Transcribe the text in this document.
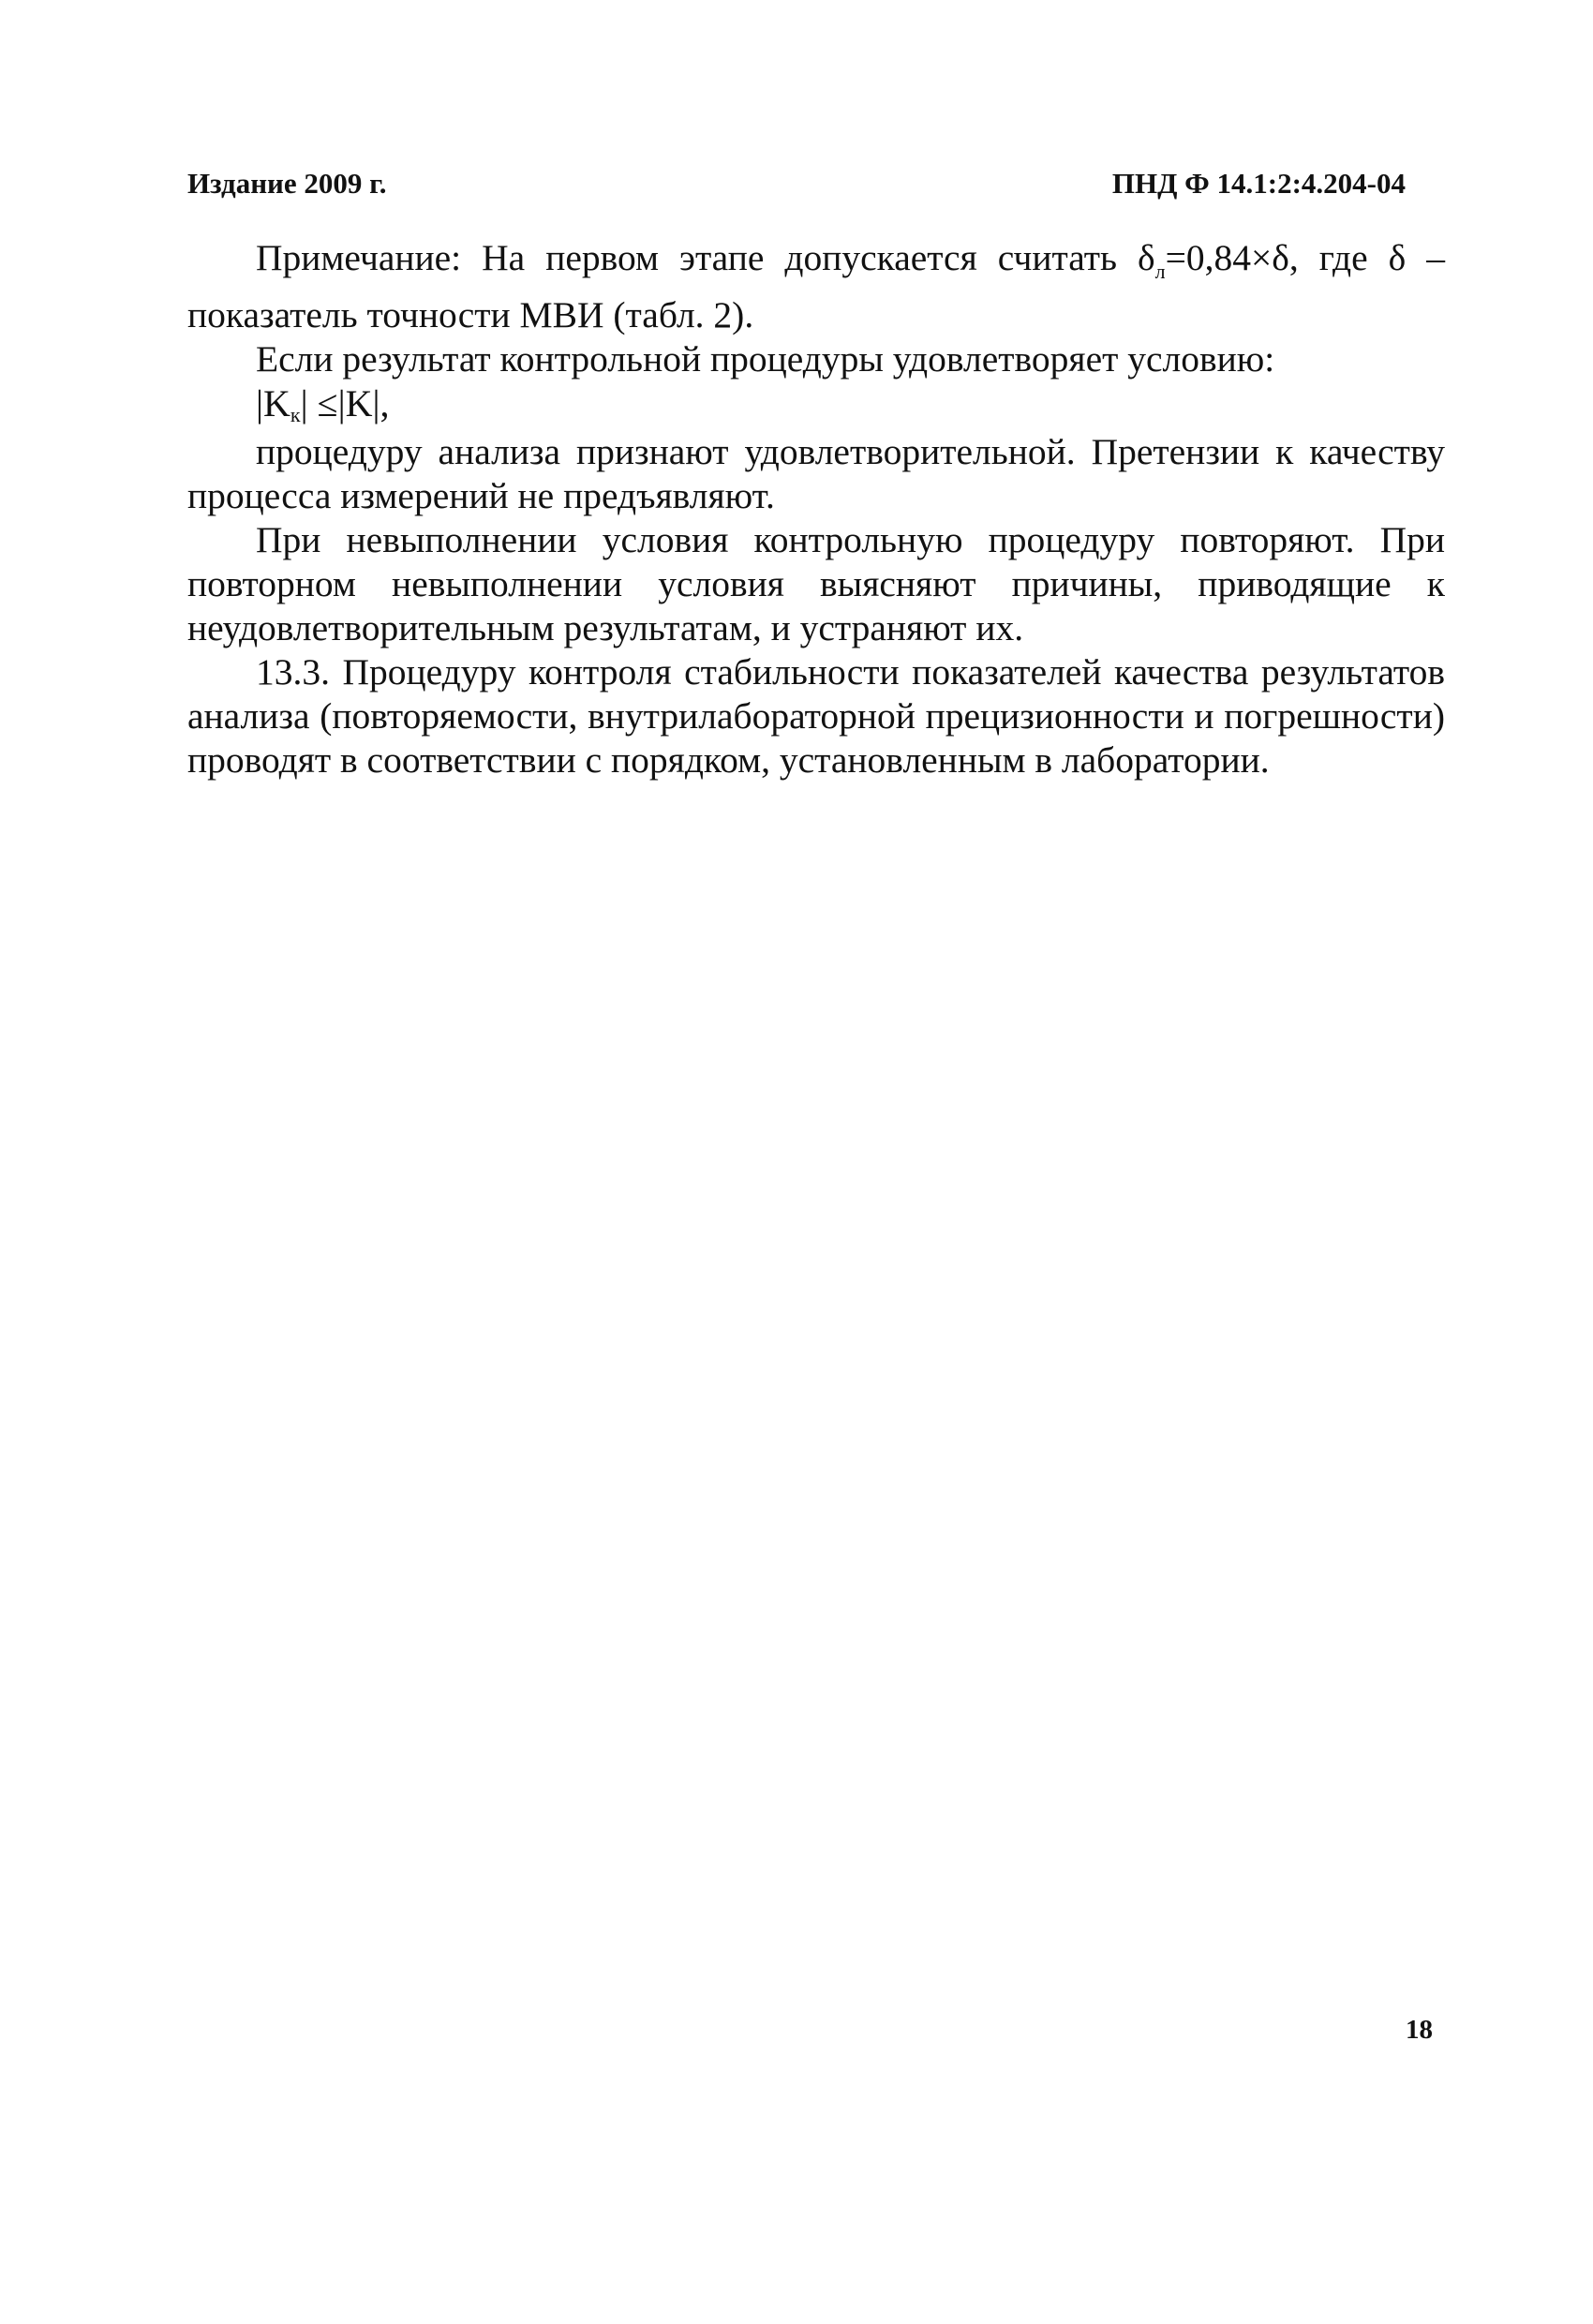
Издание 2009 г.	ПНД Ф 14.1:2:4.204-04

Примечание: На первом этапе допускается считать $\delta_л=0,84\times\delta$, где δ – показатель точности МВИ (табл. 2).

Если результат контрольной процедуры удовлетворяет условию:

$|K_к| \le|K|$,

процедуру анализа признают удовлетворительной. Претензии к качеству процесса измерений не предъявляют.

При невыполнении условия контрольную процедуру повторяют. При повторном невыполнении условия выясняют причины, приводящие к неудовлетворительным результатам, и устраняют их.

13.3. Процедуру контроля стабильности показателей качества результатов анализа (повторяемости, внутрилабораторной прецизионности и погрешности) проводят в соответствии с порядком, установленным в лаборатории.

18
